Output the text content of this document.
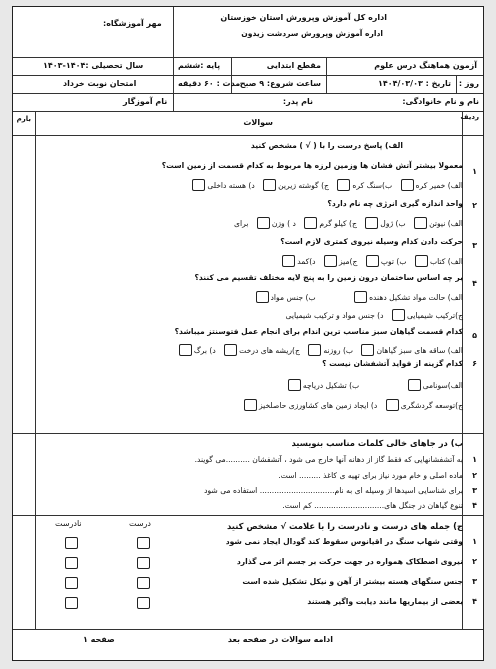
اداره کل آموزش وپرورش استان خوزستان
اداره آموزش وپرورش سردشت زیدون
مهر آموزشگاه:
آزمون هماهنگ درس علوم
مقطع ابتدایی
پایه :ششم
سال تحصیلی :۱۴۰۴-۱۴۰۳
روز :
تاریخ : ۱۴۰۴/۰۳/۰۳
ساعت شروع: ۹ صبح
مدت : ۶۰ دقیقه
امتحان نوبت خرداد
نام و نام خانوادگی:
نام پدر:
نام آموزگار
ردیف
سوالات
بارم
الف) پاسخ درست را با ( √ ) مشخص کنید
۱
معمولا بیشتر آتش فشان ها وزمین لرزه ها مربوط به کدام قسمت از زمین است؟
الف) خمیر کره

ب)سنگ کره

ج) گوشته زیرین

د) هسته داخلی
۲
واحد اندازه گیری انرژی چه نام دارد؟
الف) نیوتن

ب) ژول

ج) کیلو گرم

د ) وزن

برای
۳
حرکت دادن کدام وسیله نیروی کمتری لازم است؟
الف) کتاب

ب) توپ

ج)میز

د)کمد
۴
بر چه اساس ساختمان درون زمین را به پنج لایه مختلف تقسیم می کنند؟
الف) حالت مواد تشکیل دهنده

ب) جنس مواد
ج)ترکیب شیمیایی

د) جنس مواد و ترکیب شیمیایی
۵
کدام قسمت گیاهان سبز مناسب ترین اندام برای انجام عمل فتوسنتز میباشد؟
الف) ساقه های سبز گیاهان

ب) روزنه

ج)ریشه های درخت

د) برگ
۶
کدام گزینه از فواید آتشفشان نیست ؟
الف)سونامی

ب) تشکیل دریاچه
ج)توسعه گردشگری

د) ایجاد زمین های کشاورزی حاصلخیز
ب) در جاهای خالی کلمات مناسب بنویسید
۱
به آتشفشانهایی که فقط گاز از دهانه آنها خارج می شود ، آتشفشان ..........می گویند.
۲
ماده اصلی و خام مورد نیاز برای تهیه ی کاغذ ......... است.
۳
برای شناسایی اسیدها از وسیله ای به نام............................... استفاده می شود
۴
تنوع گیاهان در جنگل های............................. کم است.
ج) جمله های درست و نادرست را با علامت √ مشخص کنید
درست
نادرست
۱
وقتی شهاب سنگ در اقیانوس سقوط کند گودال ایجاد نمی شود
۲
نیروی اصطکاک همواره در جهت حرکت بر جسم اثر می گذارد
۳
جنس سنگهای هسته بیشتر از آهن و نیکل تشکیل شده است
۴
بعضی از بیماریها مانند دیابت واگیر هستند
ادامه سوالات در صفحه بعد
صفحه ۱
